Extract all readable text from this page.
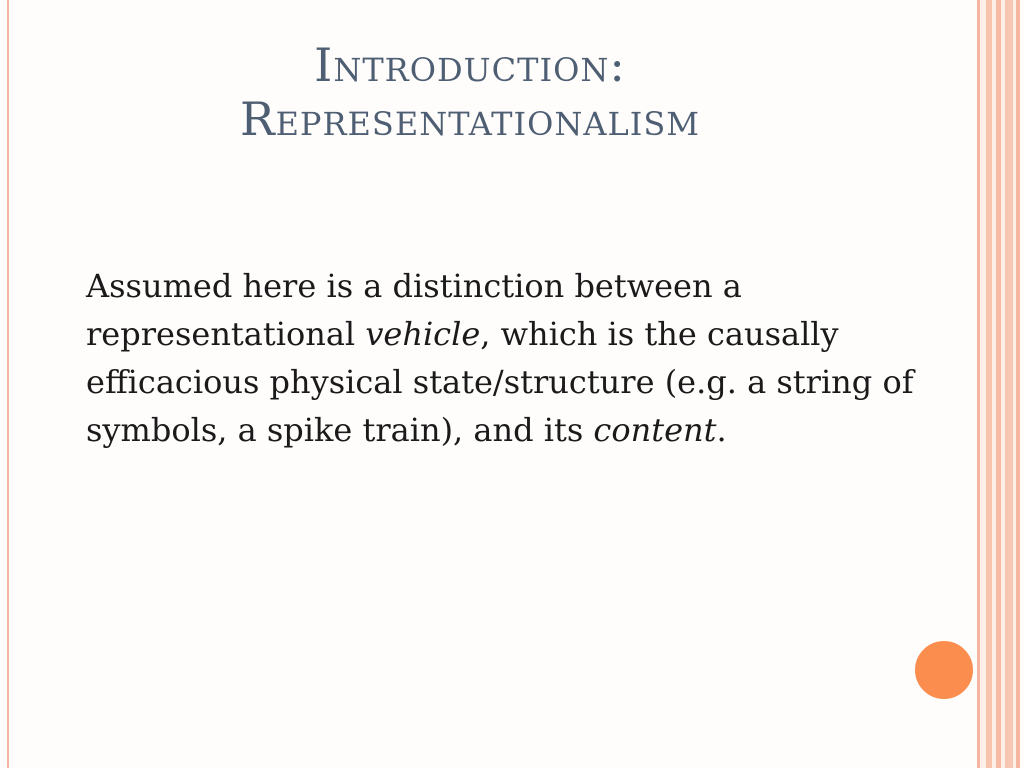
Introduction:
Representationalism
Assumed here is a distinction between a representational vehicle, which is the causally efficacious physical state/structure (e.g. a string of symbols, a spike train), and its content.
